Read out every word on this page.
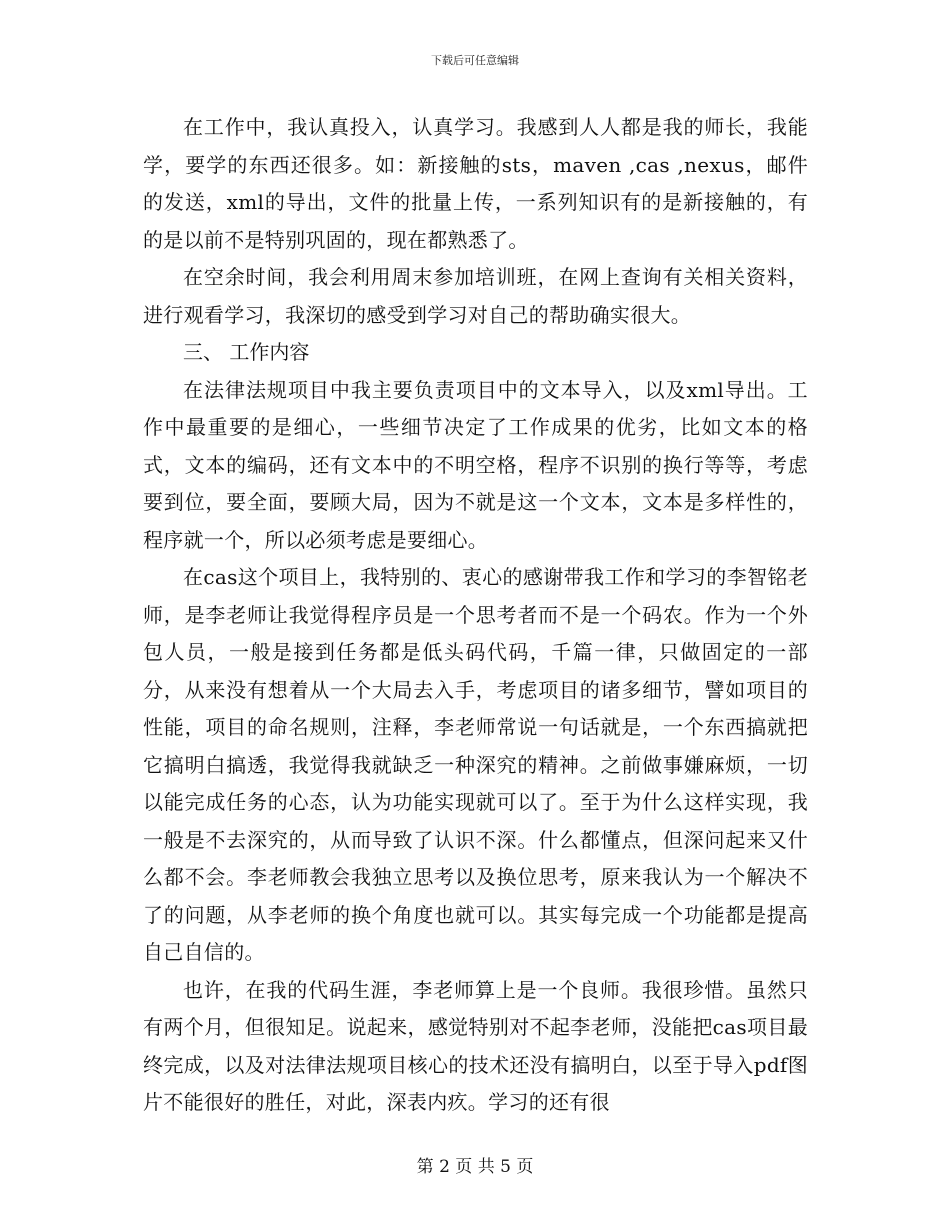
下载后可任意编辑

在工作中，我认真投入，认真学习。我感到人人都是我的师长，我能学，要学的东西还很多。如：新接触的sts，maven ,cas ,nexus，邮件的发送，xml的导出，文件的批量上传，一系列知识有的是新接触的，有的是以前不是特别巩固的，现在都熟悉了。

在空余时间，我会利用周末参加培训班，在网上查询有关相关资料，进行观看学习，我深切的感受到学习对自己的帮助确实很大。

三、 工作内容

在法律法规项目中我主要负责项目中的文本导入，以及xml导出。工作中最重要的是细心，一些细节决定了工作成果的优劣，比如文本的格式，文本的编码，还有文本中的不明空格，程序不识别的换行等等，考虑要到位，要全面，要顾大局，因为不就是这一个文本，文本是多样性的，程序就一个，所以必须考虑是要细心。

在cas这个项目上，我特别的、衷心的感谢带我工作和学习的李智铭老师，是李老师让我觉得程序员是一个思考者而不是一个码农。作为一个外包人员，一般是接到任务都是低头码代码，千篇一律，只做固定的一部分，从来没有想着从一个大局去入手，考虑项目的诸多细节，譬如项目的性能，项目的命名规则，注释，李老师常说一句话就是，一个东西搞就把它搞明白搞透，我觉得我就缺乏一种深究的精神。之前做事嫌麻烦，一切以能完成任务的心态，认为功能实现就可以了。至于为什么这样实现，我一般是不去深究的，从而导致了认识不深。什么都懂点，但深问起来又什么都不会。李老师教会我独立思考以及换位思考，原来我认为一个解决不了的问题，从李老师的换个角度也就可以。其实每完成一个功能都是提高自己自信的。

也许，在我的代码生涯，李老师算上是一个良师。我很珍惜。虽然只有两个月，但很知足。说起来，感觉特别对不起李老师，没能把cas项目最终完成，以及对法律法规项目核心的技术还没有搞明白，以至于导入pdf图片不能很好的胜任，对此，深表内疚。学习的还有很

第 2 页 共 5 页
